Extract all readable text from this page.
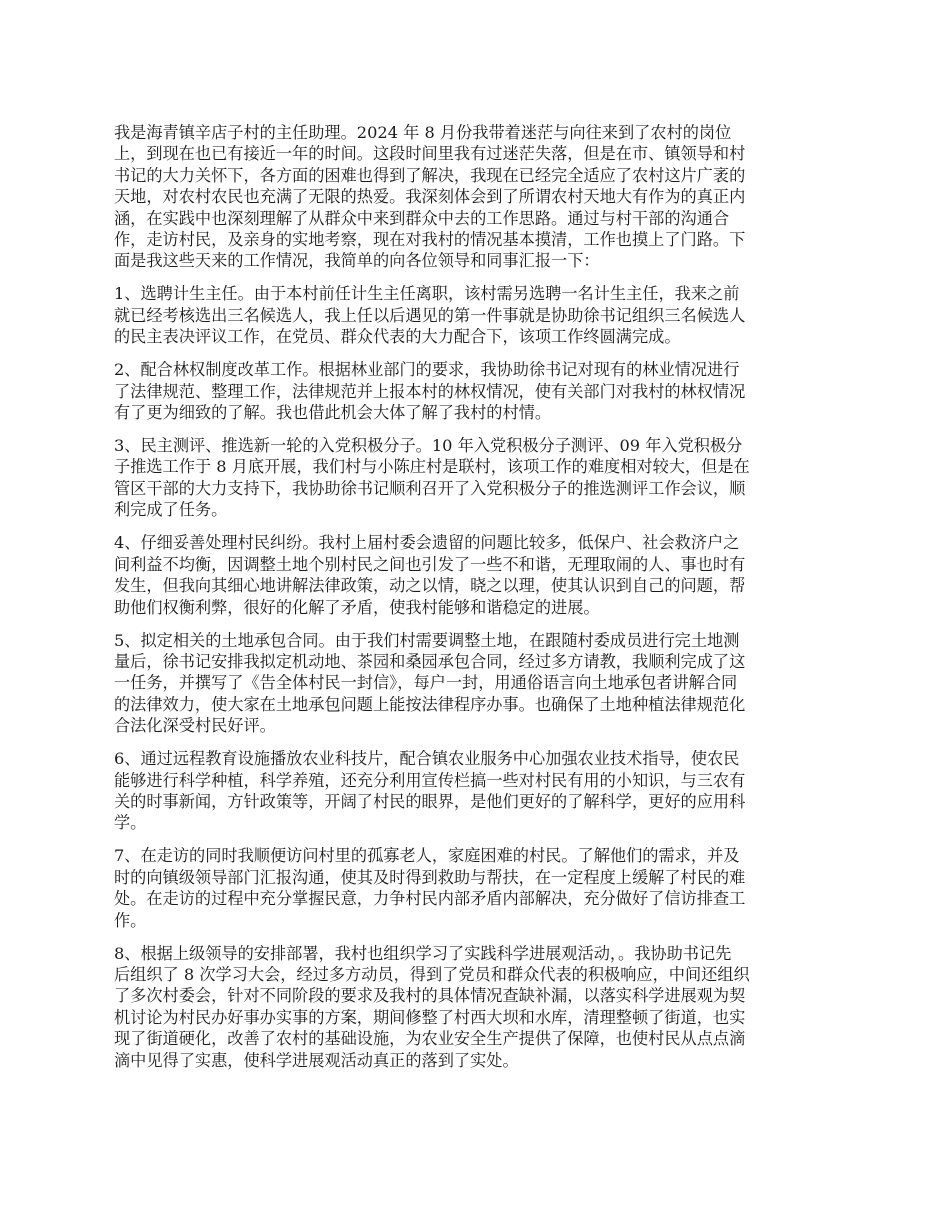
我是海青镇辛店子村的主任助理。2024 年 8 月份我带着迷茫与向往来到了农村的岗位
上，到现在也已有接近一年的时间。这段时间里我有过迷茫失落，但是在市、镇领导和村
书记的大力关怀下，各方面的困难也得到了解决，我现在已经完全适应了农村这片广袤的
天地，对农村农民也充满了无限的热爱。我深刻体会到了所谓农村天地大有作为的真正内
涵，在实践中也深刻理解了从群众中来到群众中去的工作思路。通过与村干部的沟通合
作，走访村民，及亲身的实地考察，现在对我村的情况基本摸清，工作也摸上了门路。下
面是我这些天来的工作情况，我简单的向各位领导和同事汇报一下：

1、选聘计生主任。由于本村前任计生主任离职，该村需另选聘一名计生主任，我来之前
就已经考核选出三名候选人，我上任以后遇见的第一件事就是协助徐书记组织三名候选人
的民主表决评议工作，在党员、群众代表的大力配合下，该项工作终圆满完成。

2、配合林权制度改革工作。根据林业部门的要求，我协助徐书记对现有的林业情况进行
了法律规范、整理工作，法律规范并上报本村的林权情况，使有关部门对我村的林权情况
有了更为细致的了解。我也借此机会大体了解了我村的村情。

3、民主测评、推选新一轮的入党积极分子。10 年入党积极分子测评、09 年入党积极分
子推选工作于 8 月底开展，我们村与小陈庄村是联村，该项工作的难度相对较大，但是在
管区干部的大力支持下，我协助徐书记顺利召开了入党积极分子的推选测评工作会议，顺
利完成了任务。

4、仔细妥善处理村民纠纷。我村上届村委会遗留的问题比较多，低保户、社会救济户之
间利益不均衡，因调整土地个别村民之间也引发了一些不和谐，无理取闹的人、事也时有
发生，但我向其细心地讲解法律政策，动之以情，晓之以理，使其认识到自己的问题，帮
助他们权衡利弊，很好的化解了矛盾，使我村能够和谐稳定的进展。

5、拟定相关的土地承包合同。由于我们村需要调整土地，在跟随村委成员进行完土地测
量后，徐书记安排我拟定机动地、茶园和桑园承包合同，经过多方请教，我顺利完成了这
一任务，并撰写了《告全体村民一封信》，每户一封，用通俗语言向土地承包者讲解合同
的法律效力，使大家在土地承包问题上能按法律程序办事。也确保了土地种植法律规范化
合法化深受村民好评。

6、通过远程教育设施播放农业科技片，配合镇农业服务中心加强农业技术指导，使农民
能够进行科学种植，科学养殖，还充分利用宣传栏搞一些对村民有用的小知识，与三农有
关的时事新闻，方针政策等，开阔了村民的眼界，是他们更好的了解科学，更好的应用科
学。

7、在走访的同时我顺便访问村里的孤寡老人，家庭困难的村民。了解他们的需求，并及
时的向镇级领导部门汇报沟通，使其及时得到救助与帮扶，在一定程度上缓解了村民的难
处。在走访的过程中充分掌握民意，力争村民内部矛盾内部解决，充分做好了信访排查工
作。

8、根据上级领导的安排部署，我村也组织学习了实践科学进展观活动，。我协助书记先
后组织了 8 次学习大会，经过多方动员，得到了党员和群众代表的积极响应，中间还组织
了多次村委会，针对不同阶段的要求及我村的具体情况查缺补漏，以落实科学进展观为契
机讨论为村民办好事办实事的方案，期间修整了村西大坝和水库，清理整顿了街道，也实
现了街道硬化，改善了农村的基础设施，为农业安全生产提供了保障，也使村民从点点滴
滴中见得了实惠，使科学进展观活动真正的落到了实处。
